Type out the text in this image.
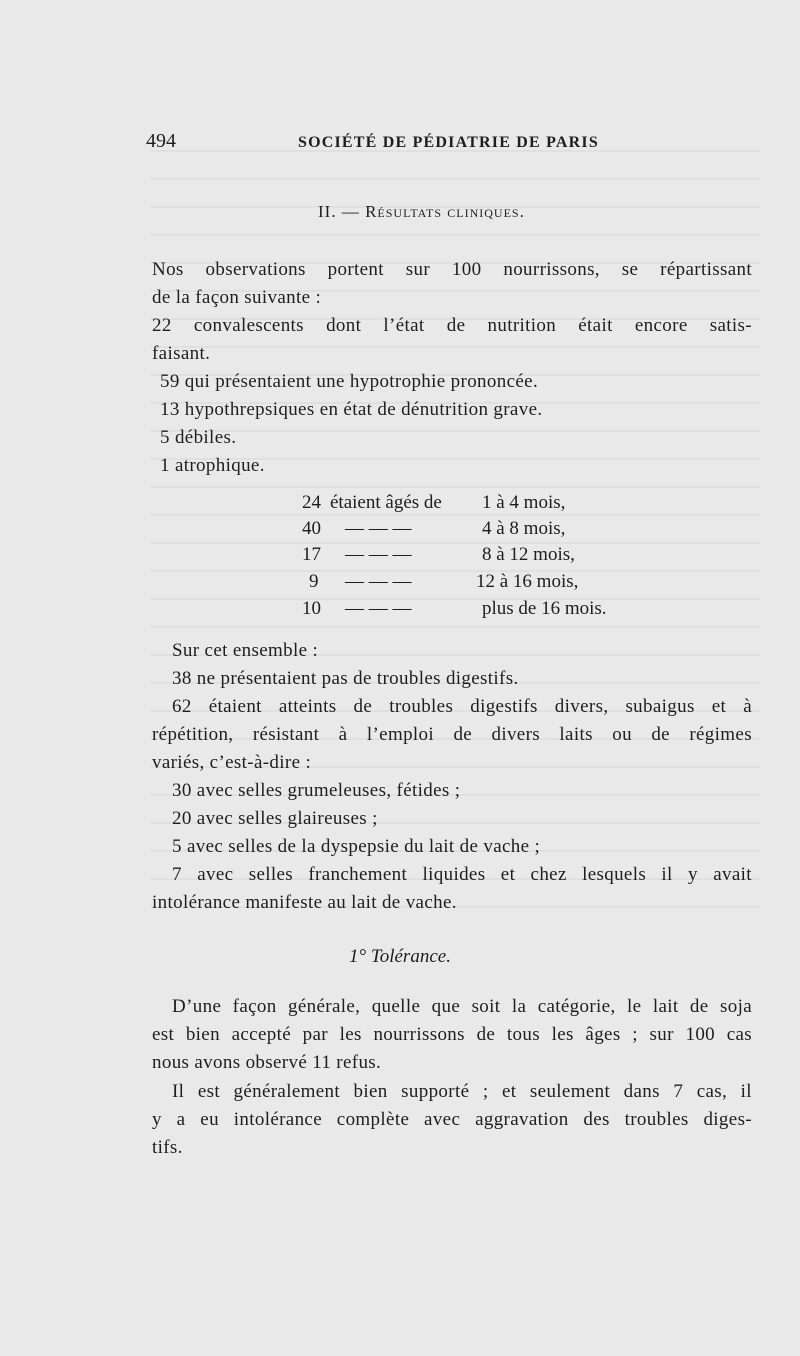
494	SOCIÉTÉ DE PÉDIATRIE DE PARIS
II. — Résultats cliniques.
Nos observations portent sur 100 nourrissons, se répartissant
de la façon suivante :
22 convalescents dont l’état de nutrition était encore satis-
faisant.
59 qui présentaient une hypotrophie prononcée.
13 hypothrepsiques en état de dénutrition grave.
5 débiles.
1 atrophique.
24 étaient âgés de 1 à 4 mois,
40 — — —	4 à 8 mois,
17 — — —	8 à 12 mois,
9 — — —	12 à 16 mois,
10 — — —	plus de 16 mois.
Sur cet ensemble :
38 ne présentaient pas de troubles digestifs.
62 étaient atteints de troubles digestifs divers, subaigus et à
répétition, résistant à l’emploi de divers laits ou de régimes
variés, c’est-à-dire :
30 avec selles grumeleuses, fétides ;
20 avec selles glaireuses ;
5 avec selles de la dyspepsie du lait de vache ;
7 avec selles franchement liquides et chez lesquels il y avait
intolérance manifeste au lait de vache.
1° Tolérance.
D’une façon générale, quelle que soit la catégorie, le lait de soja
est bien accepté par les nourrissons de tous les âges ; sur 100 cas
nous avons observé 11 refus.
Il est généralement bien supporté ; et seulement dans 7 cas, il
y a eu intolérance complète avec aggravation des troubles diges-
tifs.
